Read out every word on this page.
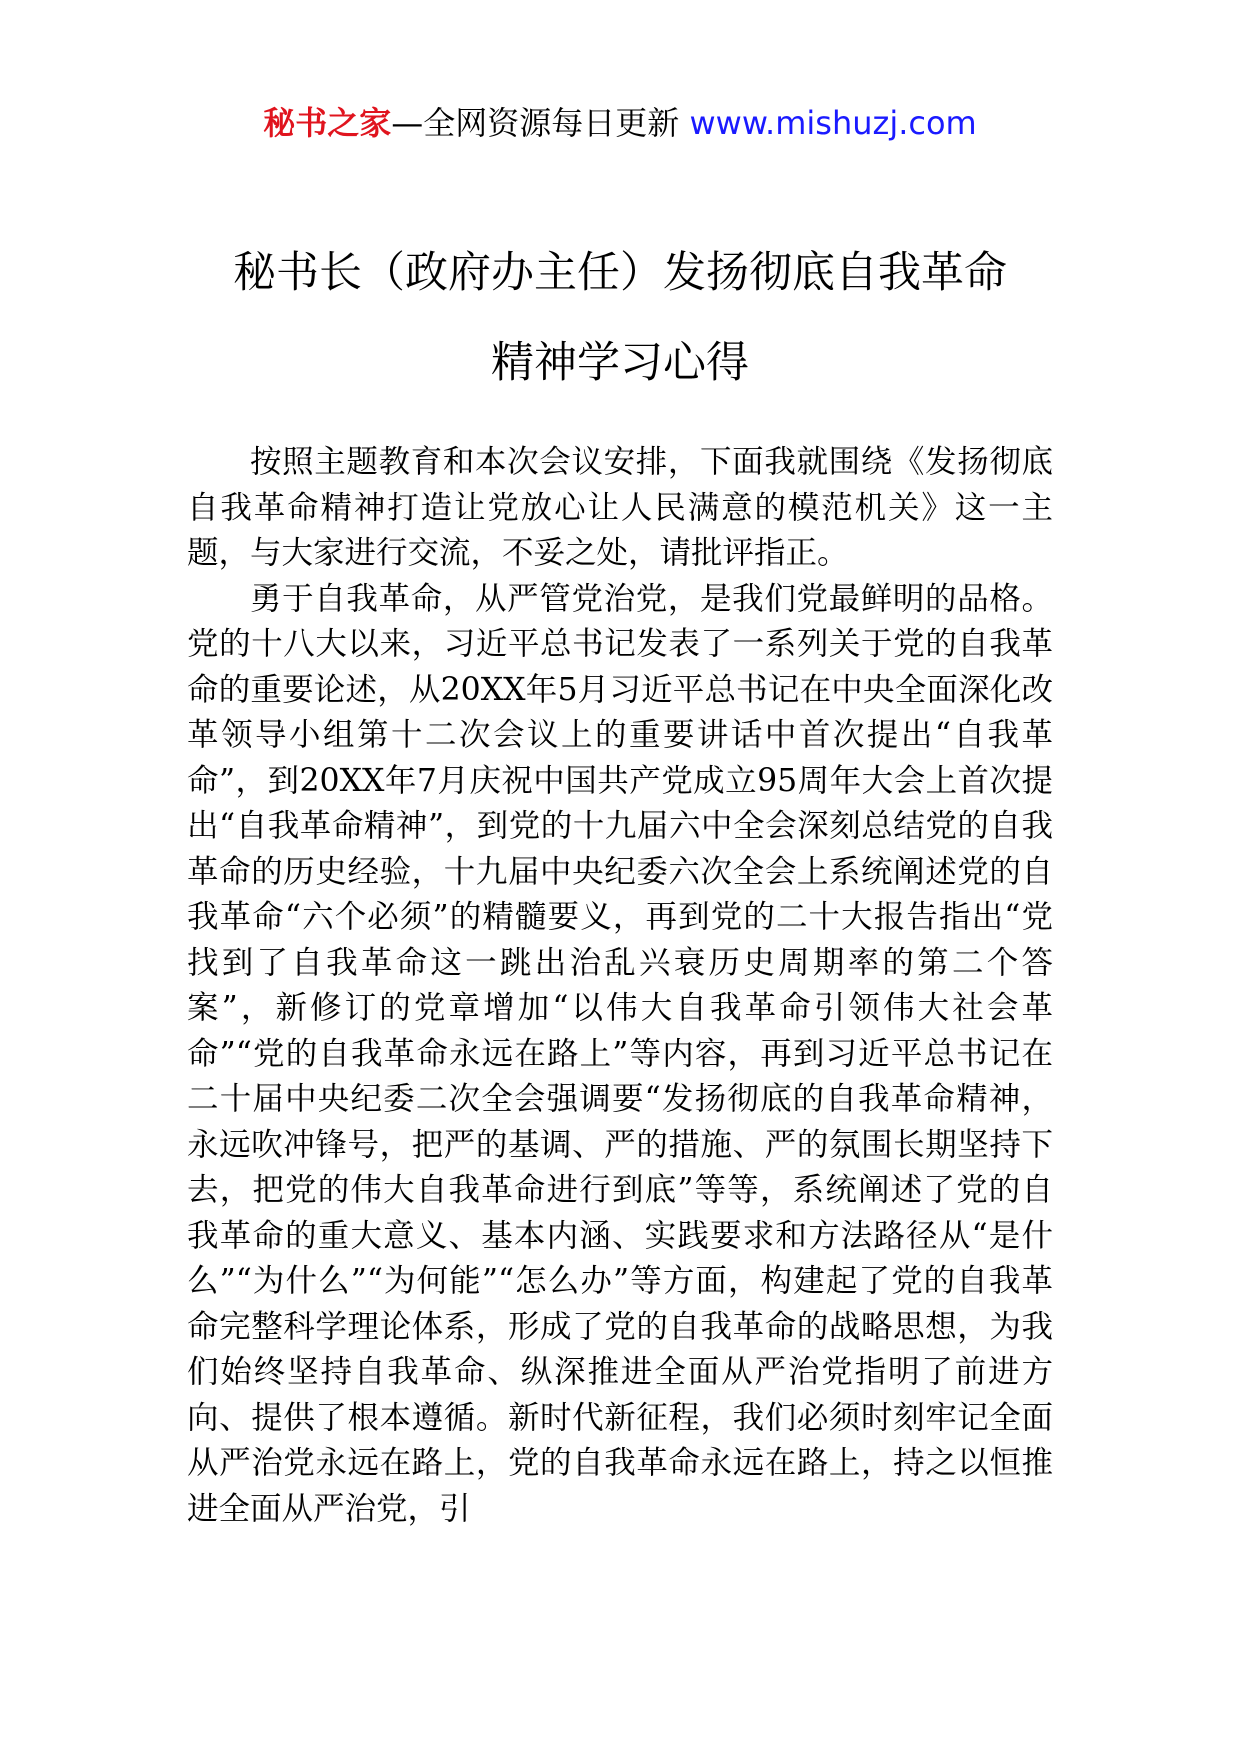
秘书之家—全网资源每日更新 www.mishuzj.com
秘书长（政府办主任）发扬彻底自我革命
精神学习心得

按照主题教育和本次会议安排，下面我就围绕《发扬彻底自我革命精神打造让党放心让人民满意的模范机关》这一主题，与大家进行交流，不妥之处，请批评指正。

勇于自我革命，从严管党治党，是我们党最鲜明的品格。党的十八大以来，习近平总书记发表了一系列关于党的自我革命的重要论述，从20XX年5月习近平总书记在中央全面深化改革领导小组第十二次会议上的重要讲话中首次提出“自我革命”，到20XX年7月庆祝中国共产党成立95周年大会上首次提出“自我革命精神”，到党的十九届六中全会深刻总结党的自我革命的历史经验，十九届中央纪委六次全会上系统阐述党的自我革命“六个必须”的精髓要义，再到党的二十大报告指出“党找到了自我革命这一跳出治乱兴衰历史周期率的第二个答案”，新修订的党章增加“以伟大自我革命引领伟大社会革命”“党的自我革命永远在路上”等内容，再到习近平总书记在二十届中央纪委二次全会强调要“发扬彻底的自我革命精神，永远吹冲锋号，把严的基调、严的措施、严的氛围长期坚持下去，把党的伟大自我革命进行到底”等等，系统阐述了党的自我革命的重大意义、基本内涵、实践要求和方法路径从“是什么”“为什么”“为何能”“怎么办”等方面，构建起了党的自我革命完整科学理论体系，形成了党的自我革命的战略思想，为我们始终坚持自我革命、纵深推进全面从严治党指明了前进方向、提供了根本遵循。新时代新征程，我们必须时刻牢记全面从严治党永远在路上，党的自我革命永远在路上，持之以恒推进全面从严治党，引
